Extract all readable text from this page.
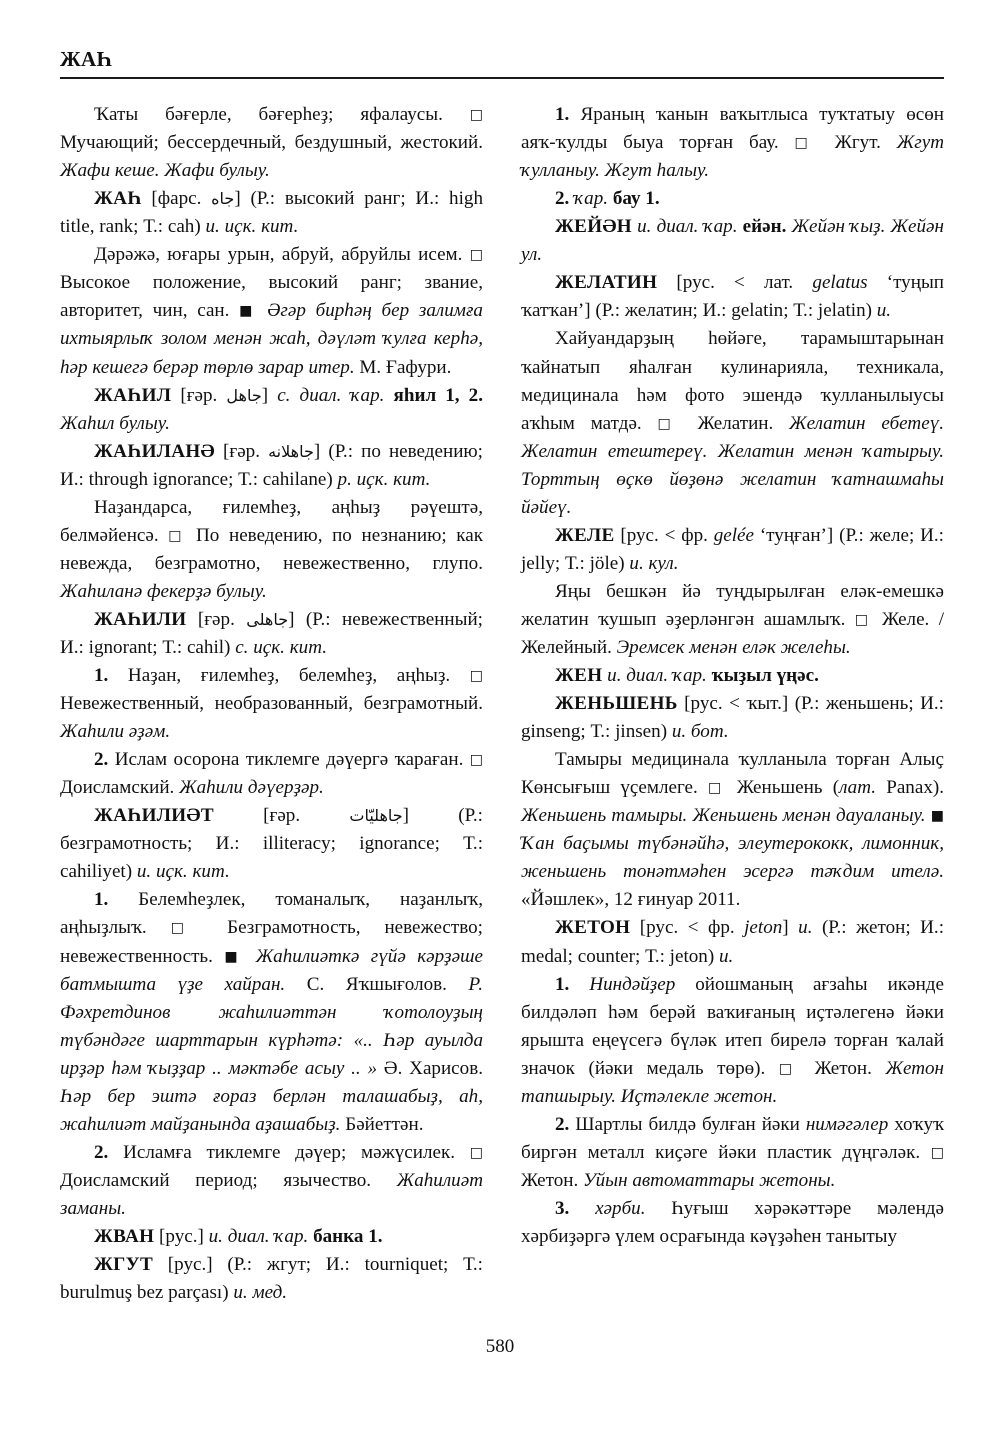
ЖАҺ

Ҡаты бәғерле, бәғерһеҙ; яфалаусы. □ Мучающий; бессердечный, бездушный, жестокий. Жафи кеше. Жафи булыу.

ЖАҺ [фарс. جاه] (Р.: высокий ранг; И.: high title, rank; Т.: cah) и. иҫк. кит.

Дәрәжә, юғары урын, абруй, абруйлы исем. □ Высокое положение, высокий ранг; звание, авторитет, чин, сан. ■ Әгәр бирһәң бер залимға ихтыярлыҡ золом менән жаһ, дәүләт ҡулға керһә, һәр кешегә берәр төрлө зарар итер. М. Ғафури.

ЖАҺИЛ [ғәр. جاهل] с. диал. ҡар. яһил 1, 2. Жаһил булыу.

ЖАҺИЛАНӘ [ғәр. جاهلانه] (Р.: по неведению; И.: through ignorance; Т.: cahilane) р. иҫк. кит.

Наҙандарса, ғилемһеҙ, аңһыҙ рәүештә, белмәйенсә. □ По неведению, по незнанию; как невежда, безграмотно, невежественно, глупо. Жаһиланә фекерҙә булыу.

ЖАҺИЛИ [ғәр. جاهلى] (Р.: невежественный; И.: ignorant; Т.: cahil) с. иҫк. кит.

1. Наҙан, ғилемһеҙ, белемһеҙ, аңһыҙ. □ Невежественный, необразованный, безграмотный. Жаһили әҙәм.

2. Ислам осорона тиклемге дәүергә ҡараған. □ Доисламский. Жаһили дәүерҙәр.

ЖАҺИЛИӘТ [ғәр. جاهليّات] (Р.: безграмотность; И.: illiteracy; ignorance; Т.: cahiliyet) и. иҫк. кит.

1. Белемһеҙлек, томаналыҡ, наҙанлыҡ, аңһыҙлыҡ. □ Безграмотность, невежество; невежественность. ■ Жаһилиәткә гүйә кәрҙәше батмышта үҙе хайран. С. Яҡшығолов. Р. Фәхретдинов жаһилиәттән ҡотолоуҙың түбәндәге шарттарын күрһәтә: «.. Һәр ауылда ирҙәр һәм ҡыҙҙар .. мәктәбе асыу .. » Ә. Харисов. Һәр бер эштә ғораз берлән талашабыҙ, аһ, жаһилиәт майҙанында аҙашабыҙ. Бәйеттән.

2. Исламға тиклемге дәүер; мәжүсилек. □ Доисламский период; язычество. Жаһилиәт заманы.

ЖВАН [рус.] и. диал. ҡар. банка 1.

ЖГУТ [рус.] (Р.: жгут; И.: tourniquet; Т.: burulmuş bez parçası) и. мед.

1. Яраның ҡанын ваҡытлыса туҡтатыу өсөн аяҡ-ҡулды быуа торған бау. □ Жгут. Жгут ҡулланыу. Жгут һалыу.

2. ҡар. бау 1.

ЖЕЙӘН и. диал. ҡар. ейән. Жейән ҡыҙ. Жейән ул.

ЖЕЛАТИН [рус. < лат. gelatus ‘туңып ҡатҡан’] (Р.: желатин; И.: gelatin; Т.: jelatin) и.

Хайуандарҙың һөйәге, тарамыштарынан ҡайнатып яһалған кулинарияла, техникала, медицинала һәм фото эшендә ҡулланылыусы аҡһым матдә. □ Желатин. Желатин ебетеү. Желатин етештереү. Желатин менән ҡатырыу. Торттың өҫкө йөҙөнә желатин ҡатнашмаһы йәйеү.

ЖЕЛЕ [рус. < фр. gelée ‘туңған’] (Р.: желе; И.: jelly; Т.: jöle) и. кул.

Яңы бешкән йә туңдырылған еләк-емешкә желатин ҡушып әҙерләнгән ашамлыҡ. □ Желе. / Желейный. Эремсек менән еләк желеһы.

ЖЕН и. диал. ҡар. ҡыҙыл үңәс.

ЖЕНЬШЕНЬ [рус. < ҡыт.] (Р.: женьшень; И.: ginseng; Т.: jinsen) и. бот.

Тамыры медицинала ҡулланыла торған Алыҫ Көнсығыш үҫемлеге. □ Женьшень (лат. Panax). Женьшень тамыры. Женьшень менән дауаланыу. ■ Ҡан баҫымы түбәнәйһә, элеутерококк, лимонник, женьшень тонәтмәһен эсергә тәҡдим ителә. «Йәшлек», 12 ғинуар 2011.

ЖЕТОН [рус. < фр. jeton] и. (Р.: жетон; И.: medal; counter; Т.: jeton) и.

1. Ниндәйҙер ойошманың ағзаһы икәнде билдәләп һәм берәй ваҡиғаның иҫтәлегенә йәки ярышта еңеүсегә бүләк итеп бирелә торған ҡалай значок (йәки медаль төрө). □ Жетон. Жетон тапшырыу. Иҫтәлекле жетон.

2. Шартлы билдә булған йәки нимәгәлер хоҡуҡ биргән металл киҫәге йәки пластик дүңгәләк. □ Жетон. Уйын автоматтары жетоны.

3. хәрби. Һуғыш хәрәкәттәре мәлендә хәрбиҙәргә үлем осрағында кәүҙәһен танытыу

580
